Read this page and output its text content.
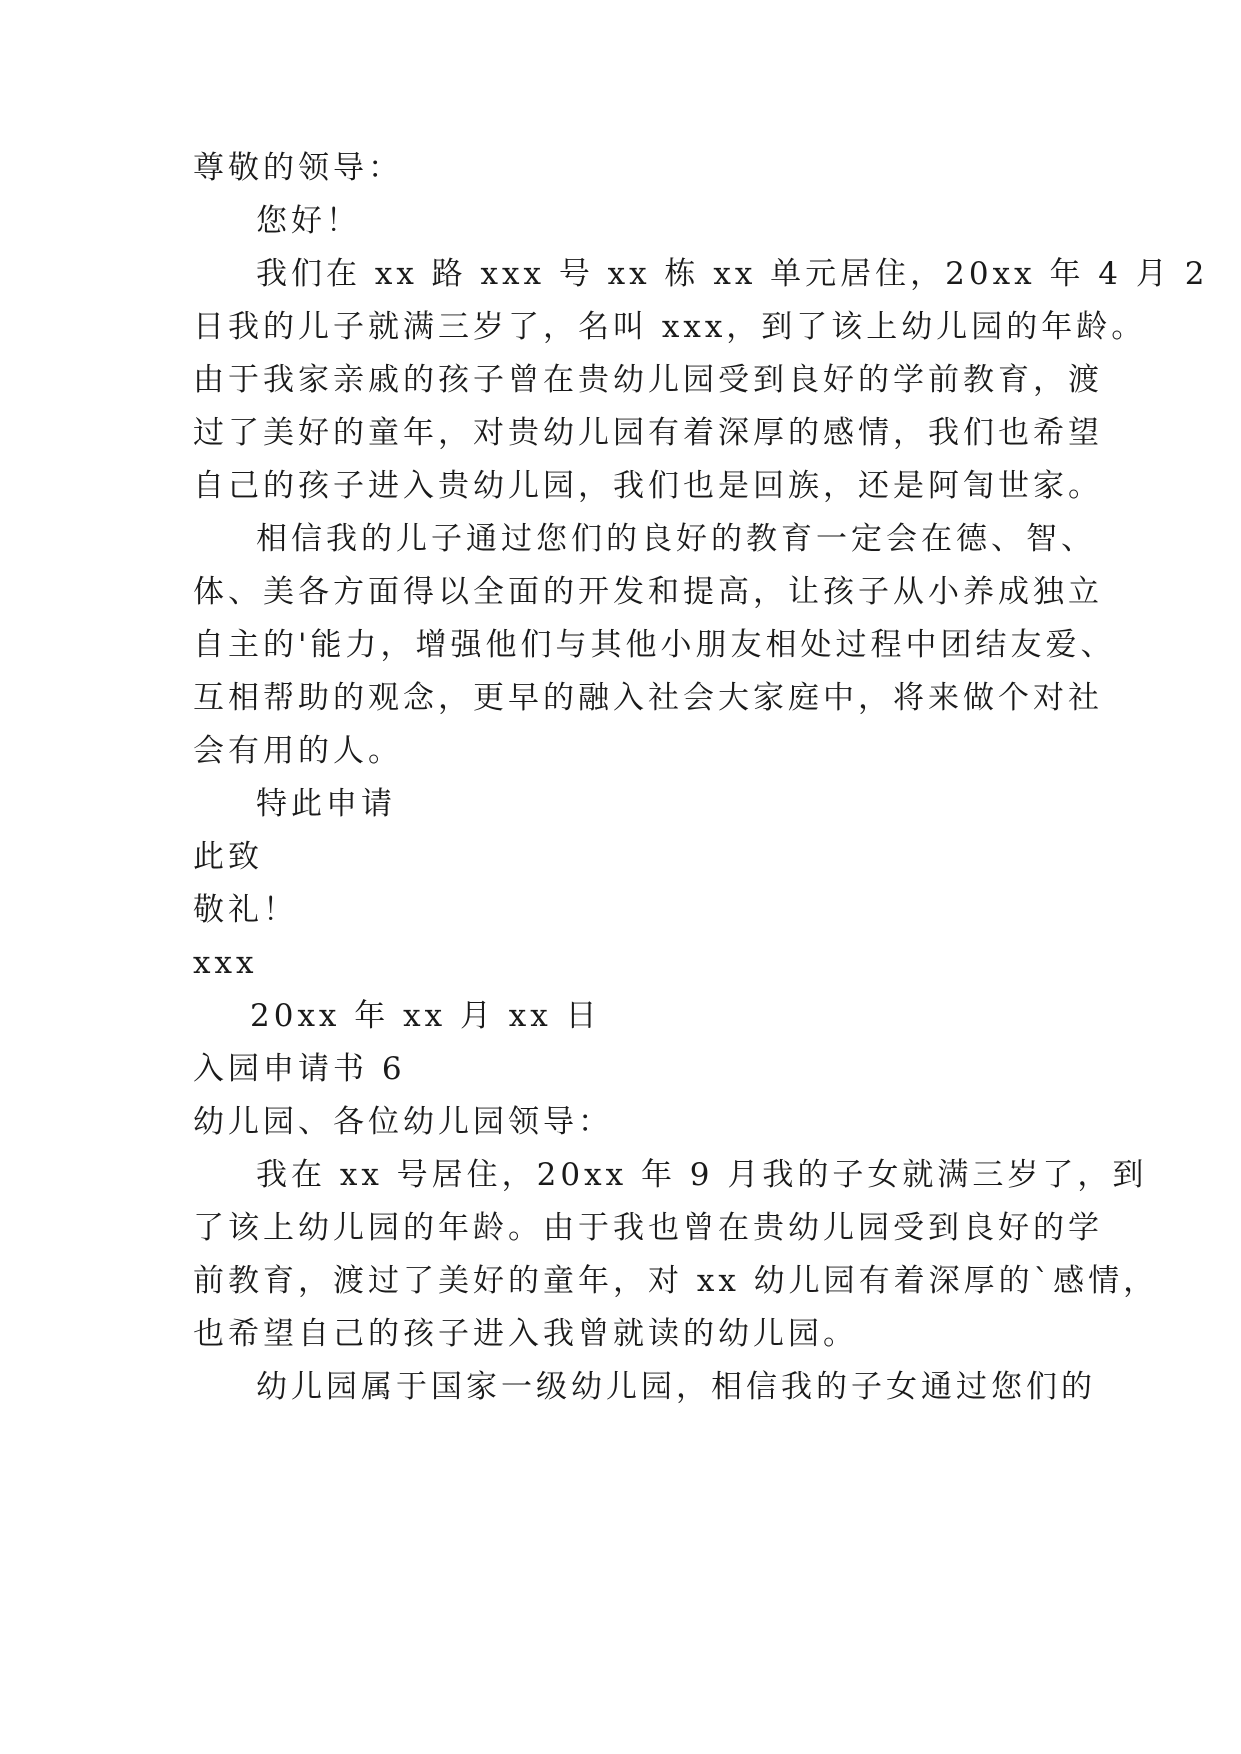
尊敬的领导：
您好！
我们在 xx 路 xxx 号 xx 栋 xx 单元居住，20xx 年 4 月 2
日我的儿子就满三岁了，名叫 xxx，到了该上幼儿园的年龄。
由于我家亲戚的孩子曾在贵幼儿园受到良好的学前教育，渡
过了美好的童年，对贵幼儿园有着深厚的感情，我们也希望
自己的孩子进入贵幼儿园，我们也是回族，还是阿訇世家。
相信我的儿子通过您们的良好的教育一定会在德、智、
体、美各方面得以全面的开发和提高，让孩子从小养成独立
自主的'能力，增强他们与其他小朋友相处过程中团结友爱、
互相帮助的观念，更早的融入社会大家庭中，将来做个对社
会有用的人。
特此申请
此致
敬礼！
xxx
20xx 年 xx 月 xx 日
入园申请书 6
幼儿园、各位幼儿园领导：
我在 xx 号居住，20xx 年 9 月我的子女就满三岁了，到
了该上幼儿园的年龄。由于我也曾在贵幼儿园受到良好的学
前教育，渡过了美好的童年，对 xx 幼儿园有着深厚的`感情，
也希望自己的孩子进入我曾就读的幼儿园。
幼儿园属于国家一级幼儿园，相信我的子女通过您们的
